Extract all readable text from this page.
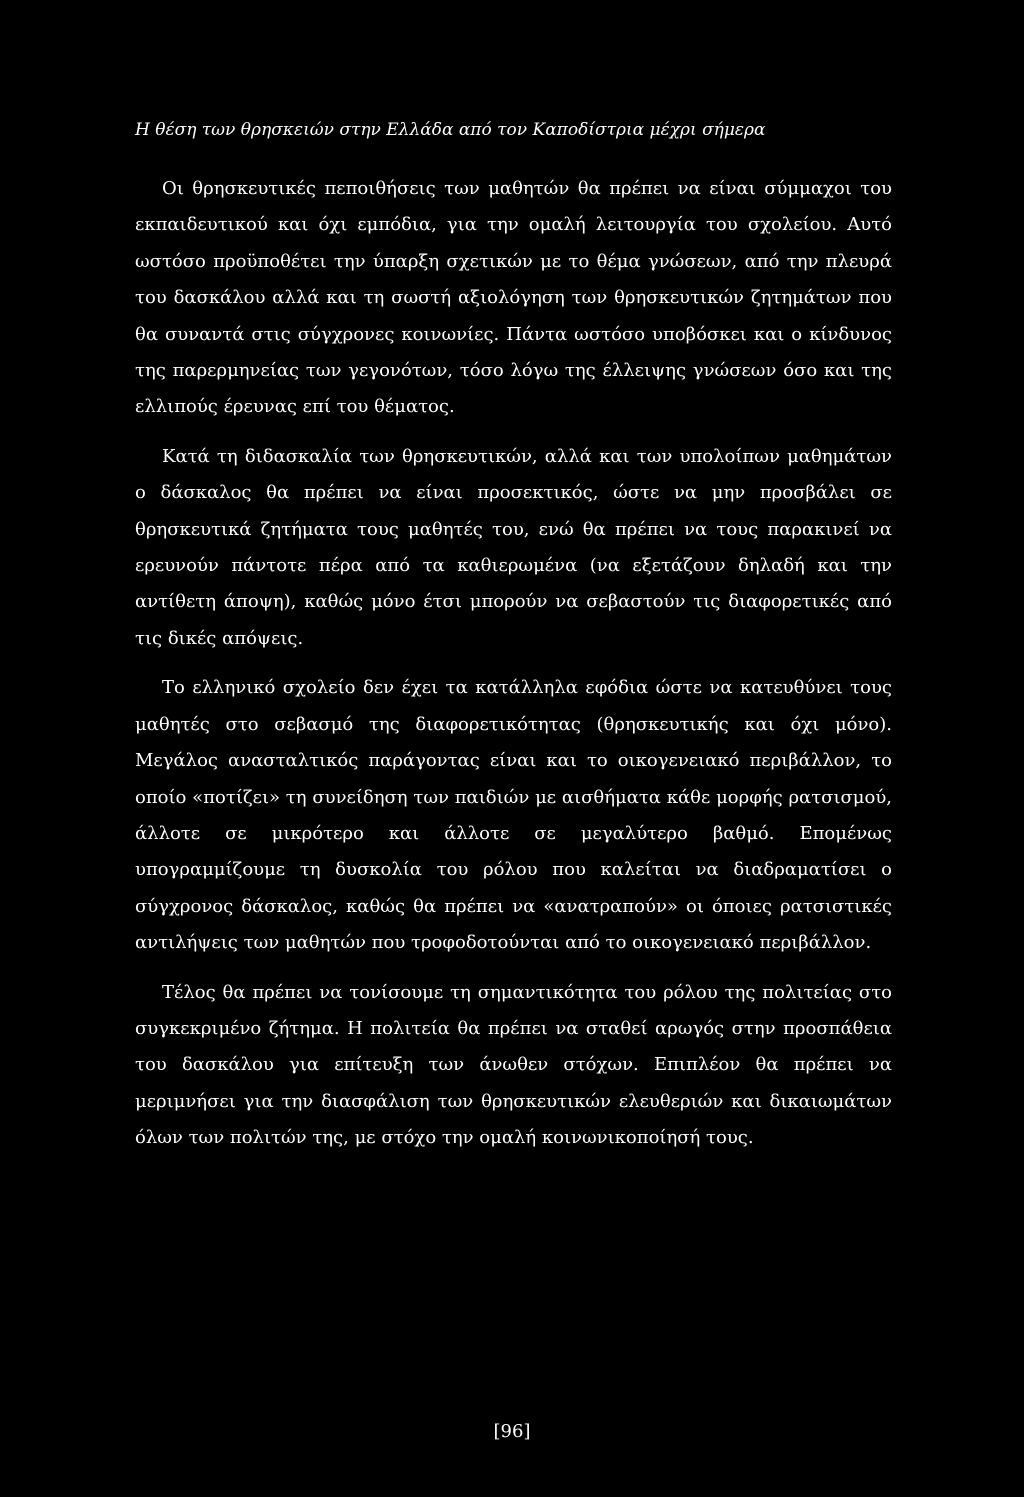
Η θέση των θρησκειών στην Ελλάδα από τον Καποδίστρια μέχρι σήμερα

Οι θρησκευτικές πεποιθήσεις των μαθητών θα πρέπει να είναι σύμμαχοι του εκπαιδευτικού και όχι εμπόδια, για την ομαλή λειτουργία του σχολείου. Αυτό ωστόσο προϋποθέτει την ύπαρξη σχετικών με το θέμα γνώσεων, από την πλευρά του δασκάλου αλλά και τη σωστή αξιολόγηση των θρησκευτικών ζητημάτων που θα συναντά στις σύγχρονες κοινωνίες. Πάντα ωστόσο υποβόσκει και ο κίνδυνος της παρερμηνείας των γεγονότων, τόσο λόγω της έλλειψης γνώσεων όσο και της ελλιπούς έρευνας επί του θέματος.

Κατά τη διδασκαλία των θρησκευτικών, αλλά και των υπολοίπων μαθημάτων ο δάσκαλος θα πρέπει να είναι προσεκτικός, ώστε να μην προσβάλει σε θρησκευτικά ζητήματα τους μαθητές του, ενώ θα πρέπει να τους παρακινεί να ερευνούν πάντοτε πέρα από τα καθιερωμένα (να εξετάζουν δηλαδή και την αντίθετη άποψη), καθώς μόνο έτσι μπορούν να σεβαστούν τις διαφορετικές από τις δικές απόψεις.

Το ελληνικό σχολείο δεν έχει τα κατάλληλα εφόδια ώστε να κατευθύνει τους μαθητές στο σεβασμό της διαφορετικότητας (θρησκευτικής και όχι μόνο). Μεγάλος ανασταλτικός παράγοντας είναι και το οικογενειακό περιβάλλον, το οποίο «ποτίζει» τη συνείδηση των παιδιών με αισθήματα κάθε μορφής ρατσισμού, άλλοτε σε μικρότερο και άλλοτε σε μεγαλύτερο βαθμό. Επομένως υπογραμμίζουμε τη δυσκολία του ρόλου που καλείται να διαδραματίσει ο σύγχρονος δάσκαλος, καθώς θα πρέπει να «ανατραπούν» οι όποιες ρατσιστικές αντιλήψεις των μαθητών που τροφοδοτούνται από το οικογενειακό περιβάλλον.

Τέλος θα πρέπει να τονίσουμε τη σημαντικότητα του ρόλου της πολιτείας στο συγκεκριμένο ζήτημα. Η πολιτεία θα πρέπει να σταθεί αρωγός στην προσπάθεια του δασκάλου για επίτευξη των άνωθεν στόχων. Επιπλέον θα πρέπει να μεριμνήσει για την διασφάλιση των θρησκευτικών ελευθεριών και δικαιωμάτων όλων των πολιτών της, με στόχο την ομαλή κοινωνικοποίησή τους.

[96]
